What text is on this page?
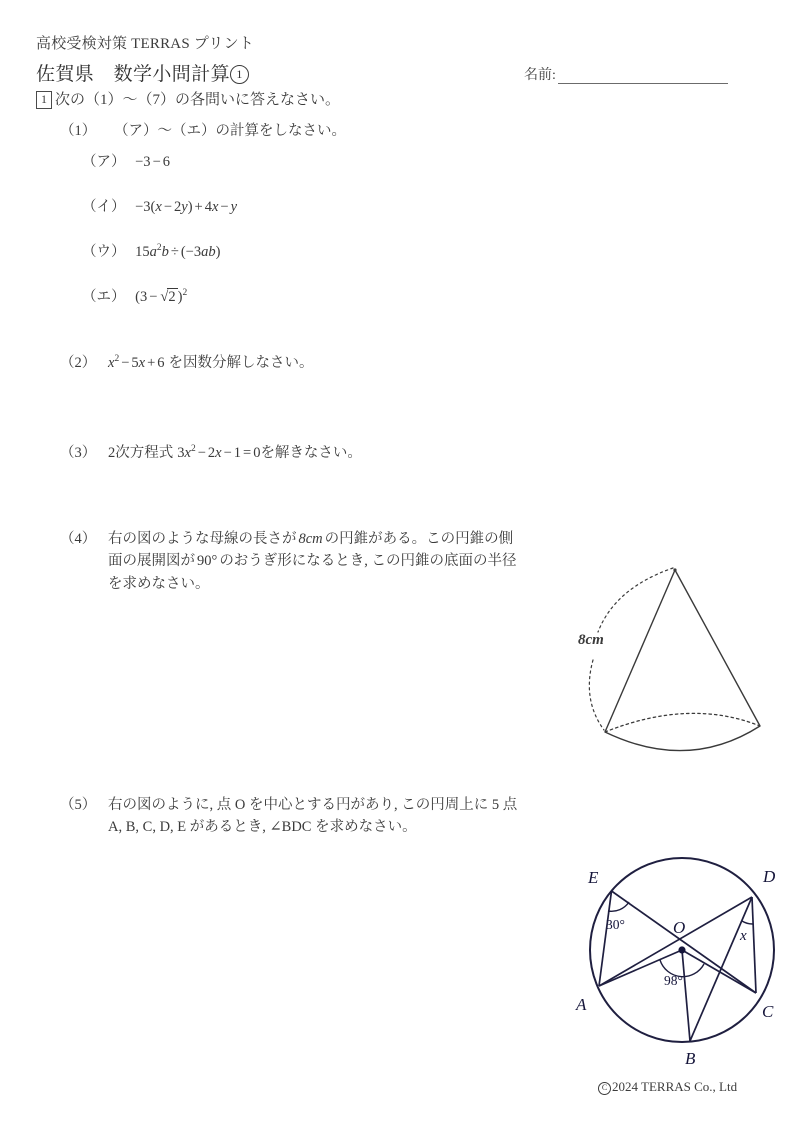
高校受検対策 TERRAS プリント
佐賀県　数学小問計算 1	名前:
1 次の（1）〜（7）の各問いに答えなさい。
（1）	（ア）〜（エ）の計算をしなさい。
（ア） −3 − 6
（イ） −3(x − 2y) + 4x − y
（ウ） $15a^2b \div (-3ab)$
（エ） (3 − √2 )$^2$
（2） $x^2 - 5x + 6$ を因数分解しなさい。
（3） 2次方程式 $3x^2 - 2x - 1 = 0$を解きなさい。
（4） 右の図のような母線の長さが 8cm の円錐がある。この円錐の側
面の展開図が 90° のおうぎ形になるとき, この円錐の底面の半径
を求めなさい。
8cm
（5） 右の図のように, 点 O を中心とする円があり, この円周上に 5 点
A, B, C, D, E があるとき, ∠BDC を求めなさい。
E
A
B
C
D
O
30°
98°
x
C 2024 TERRAS Co., Ltd
